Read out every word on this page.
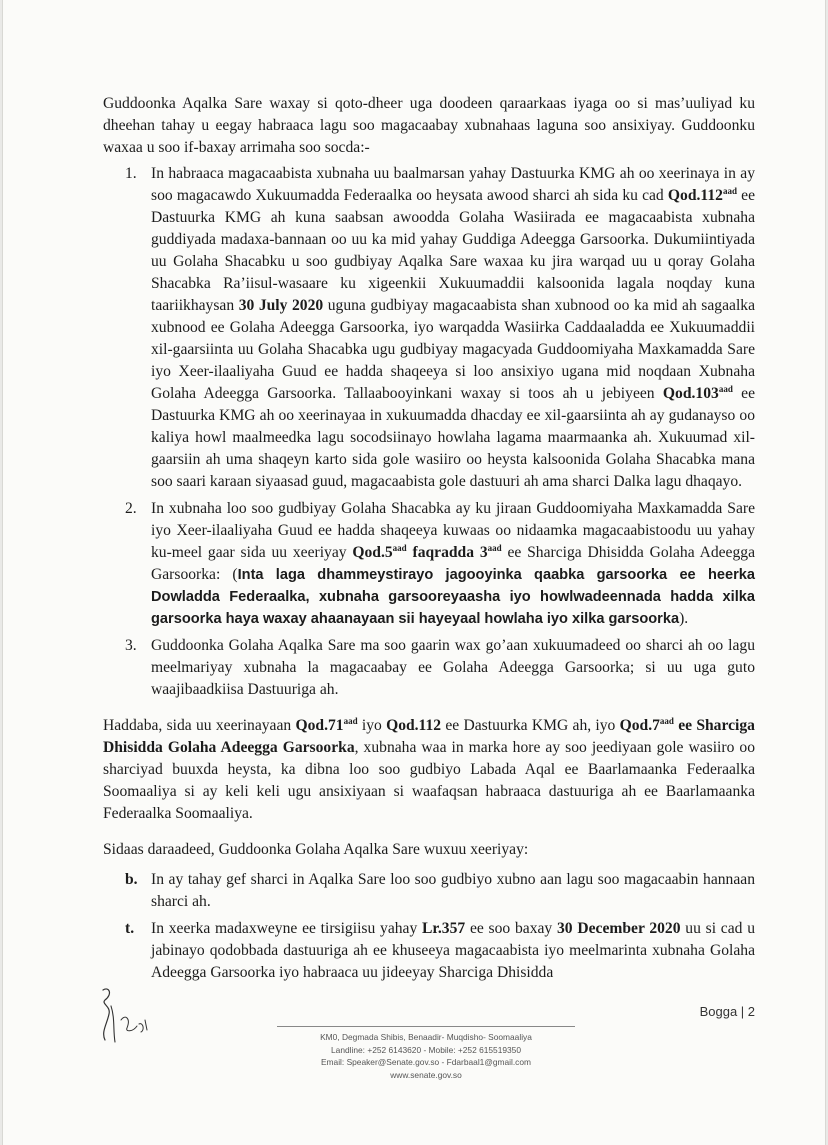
Guddoonka Aqalka Sare waxay si qoto-dheer uga doodeen qaraarkaas iyaga oo si mas’uuliyad ku dheehan tahay u eegay habraaca lagu soo magacaabay xubnahaas laguna soo ansixiyay. Guddoonku waxaa u soo if-baxay arrimaha soo socda:-

1. In habraaca magacaabista xubnaha uu baalmarsan yahay Dastuurka KMG ah oo xeerinaya in ay soo magacawdo Xukuumadda Federaalka oo heysata awood sharci ah sida ku cad Qod.112$^{aad}$ ee Dastuurka KMG ah kuna saabsan awoodda Golaha Wasiirada ee magacaabista xubnaha guddiyada madaxa-bannaan oo uu ka mid yahay Guddiga Adeegga Garsoorka. Dukumiintiyada uu Golaha Shacabku u soo gudbiyay Aqalka Sare waxaa ku jira warqad uu u qoray Golaha Shacabka Ra’iisul-wasaare ku xigeenkii Xukuumaddii kalsoonida lagala noqday kuna taariikhaysan 30 July 2020 uguna gudbiyay magacaabista shan xubnood oo ka mid ah sagaalka xubnood ee Golaha Adeegga Garsoorka, iyo warqadda Wasiirka Caddaaladda ee Xukuumaddii xil-gaarsiinta uu Golaha Shacabka ugu gudbiyay magacyada Guddoomiyaha Maxkamadda Sare iyo Xeer-ilaaliyaha Guud ee hadda shaqeeya si loo ansixiyo ugana mid noqdaan Xubnaha Golaha Adeegga Garsoorka. Tallaabooyinkani waxay si toos ah u jebiyeen Qod.103$^{aad}$ ee Dastuurka KMG ah oo xeerinayaa in xukuumadda dhacday ee xil-gaarsiinta ah ay gudanayso oo kaliya howl maalmeedka lagu socodsiinayo howlaha lagama maarmaanka ah. Xukuumad xil-gaarsiin ah uma shaqeyn karto sida gole wasiiro oo heysta kalsoonida Golaha Shacabka mana soo saari karaan siyaasad guud, magacaabista gole dastuuri ah ama sharci Dalka lagu dhaqayo.
2. In xubnaha loo soo gudbiyay Golaha Shacabka ay ku jiraan Guddoomiyaha Maxkamadda Sare iyo Xeer-ilaaliyaha Guud ee hadda shaqeeya kuwaas oo nidaamka magacaabistoodu uu yahay ku-meel gaar sida uu xeeriyay Qod.5$^{aad}$ faqradda $3^{aad}$ ee Sharciga Dhisidda Golaha Adeegga Garsoorka: (Inta laga dhammeystirayo jagooyinka qaabka garsoorka ee heerka Dowladda Federaalka, xubnaha garsooreyaasha iyo howlwadeennada hadda xilka garsoorka haya waxay ahaanayaan sii hayeyaal howlaha iyo xilka garsoorka).
3. Guddoonka Golaha Aqalka Sare ma soo gaarin wax go’aan xukuumadeed oo sharci ah oo lagu meelmariyay xubnaha la magacaabay ee Golaha Adeegga Garsoorka; si uu uga guto waajibaadkiisa Dastuuriga ah.

Haddaba, sida uu xeerinayaan Qod.71$^{aad}$ iyo Qod.112 ee Dastuurka KMG ah, iyo Qod.7$^{aad}$ ee Sharciga Dhisidda Golaha Adeegga Garsoorka, xubnaha waa in marka hore ay soo jeediyaan gole wasiiro oo sharciyad buuxda heysta, ka dibna loo soo gudbiyo Labada Aqal ee Baarlamaanka Federaalka Soomaaliya si ay keli keli ugu ansixiyaan si waafaqsan habraaca dastuuriga ah ee Baarlamaanka Federaalka Soomaaliya.

Sidaas daraadeed, Guddoonka Golaha Aqalka Sare wuxuu xeeriyay:

b. In ay tahay gef sharci in Aqalka Sare loo soo gudbiyo xubno aan lagu soo magacaabin hannaan sharci ah.
t.	In xeerka madaxweyne ee tirsigiisu yahay Lr.357 ee soo baxay 30 December 2020 uu si cad u jabinayo qodobbada dastuuriga ah ee khuseeya magacaabista iyo meelmarinta xubnaha Golaha Adeegga Garsoorka iyo habraaca uu jideeyay Sharciga Dhisidda
Bogga | 2
KM0, Degmada Shibis, Benaadir- Muqdisho- Soomaaliya
Landline: +252 6143620 - Mobile: +252 615519350
Email: Speaker@Senate.gov.so - Fdarbaal1@gmail.com
www.senate.gov.so
